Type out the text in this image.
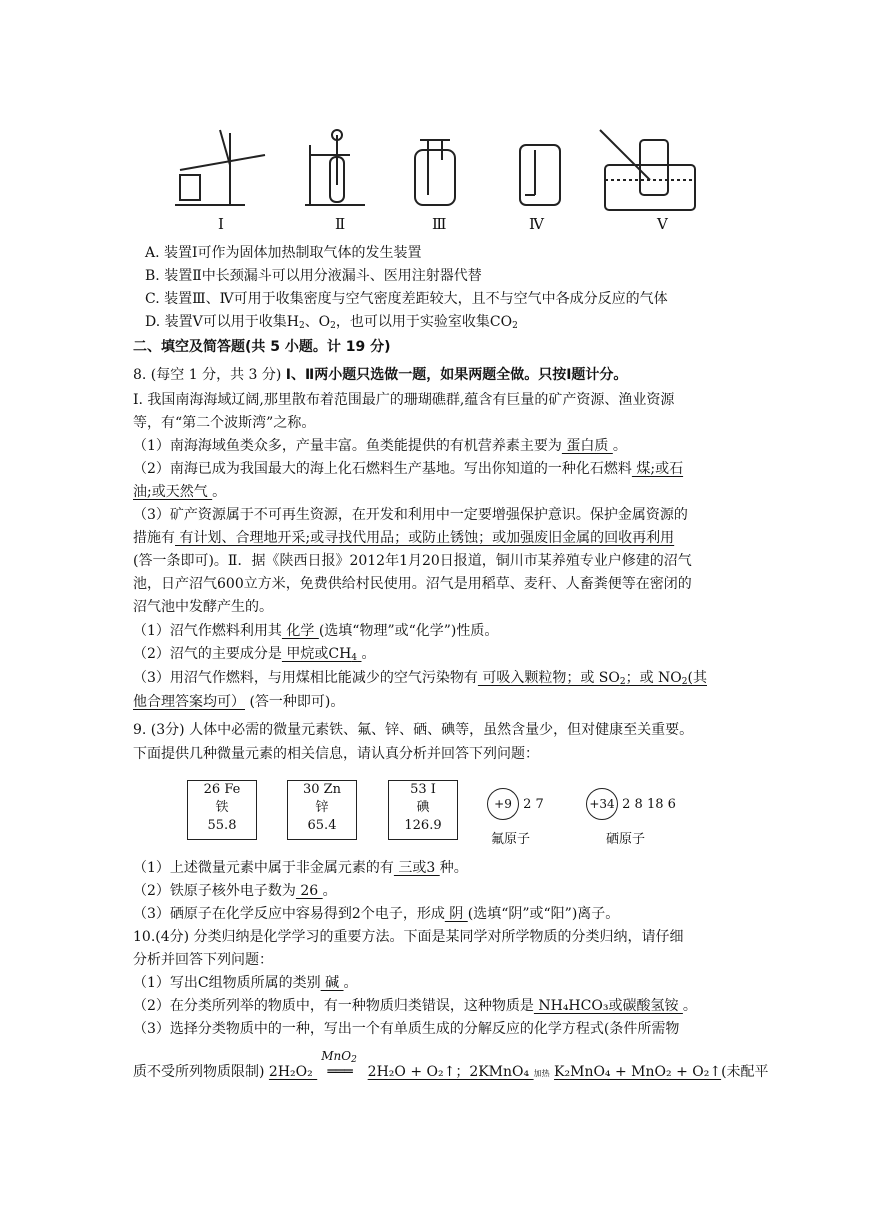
Ⅰ	Ⅱ	Ⅲ	Ⅳ	Ⅴ
A. 装置Ⅰ可作为固体加热制取气体的发生装置
B. 装置Ⅱ中长颈漏斗可以用分液漏斗、医用注射器代替
C. 装置Ⅲ、Ⅳ可用于收集密度与空气密度差距较大，且不与空气中各成分反应的气体
D. 装置Ⅴ可以用于收集$H_2$、$O_2$，也可以用于实验室收集$CO_2$
二、填空及简答题(共 5 小题。计 19 分)
8. (每空 1 分，共 3 分) Ⅰ、Ⅱ两小题只选做一题，如果两题全做。只按Ⅰ题计分。
I. 我国南海海域辽阔,那里散布着范围最广的珊瑚礁群,蕴含有巨量的矿产资源、渔业资源
等，有“第二个波斯湾”之称。
（1）南海海域鱼类众多，产量丰富。鱼类能提供的有机营养素主要为 蛋白质 。
（2）南海已成为我国最大的海上化石燃料生产基地。写出你知道的一种化石燃料 煤;或石
油;或天然气 。
（3）矿产资源属于不可再生资源，在开发和利用中一定要增强保护意识。保护金属资源的
措施有 有计划、合理地开采;或寻找代用品；或防止锈蚀；或加强废旧金属的回收再利用
(答一条即可)。Ⅱ．据《陕西日报》2012年1月20日报道，铜川市某养殖专业户修建的沼气
池，日产沼气600立方米，免费供给村民使用。沼气是用稻草、麦秆、人畜粪便等在密闭的
沼气池中发酵产生的。
（1）沼气作燃料利用其 化学 (选填“物理”或“化学”)性质。
（2）沼气的主要成分是 甲烷或$CH_4$ 。
（3）用沼气作燃料，与用煤相比能减少的空气污染物有 可吸入颗粒物；或 $SO_2$；或 $NO_2$(其
他合理答案均可） (答一种即可)。
9. (3分) 人体中必需的微量元素铁、氟、锌、硒、碘等，虽然含量少，但对健康至关重要。
下面提供几种微量元素的相关信息，请认真分析并回答下列问题：
26 Fe
铁
55.8
30 Zn
锌
65.4
53 I
碘
126.9
+9 2 7
氟原子
+34 2 8 18 6
硒原子
（1）上述微量元素中属于非金属元素的有 三或3 种。
（2）铁原子核外电子数为 26 。
（3）硒原子在化学反应中容易得到2个电子，形成 阴 (选填“阴”或“阳”)离子。
10.(4分) 分类归纳是化学学习的重要方法。下面是某同学对所学物质的分类归纳，请仔细
分析并回答下列问题：
（1）写出C组物质所属的类别 碱 。
（2）在分类所列举的物质中，有一种物质归类错误，这种物质是 NH₄HCO₃或碳酸氢铵 。
（3）选择分类物质中的一种，写出一个有单质生成的分解反应的化学方程式(条件所需物
质不受所列物质限制) 2H₂O₂
MnO$_2$
═══ 2H₂O + O₂↑；2KMnO₄ 加热 K₂MnO₄ + MnO₂ + O₂↑(未配平
